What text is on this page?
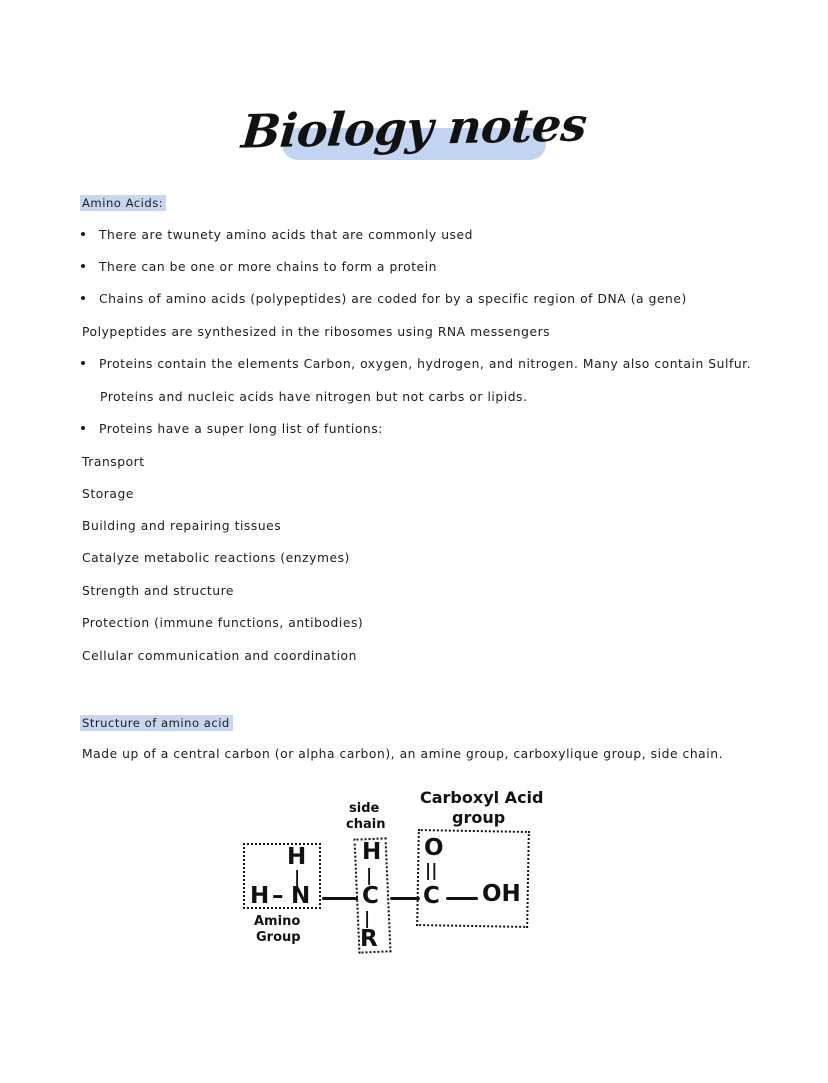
Biology notes
Amino Acids:
There are twunety amino acids that are commonly used
There can be one or more chains to form a protein
Chains of amino acids (polypeptides) are coded for by a specific region of DNA (a gene)
Polypeptides are synthesized in the ribosomes using RNA messengers
Proteins contain the elements Carbon, oxygen, hydrogen, and nitrogen. Many also contain Sulfur.
Proteins and nucleic acids have nitrogen but not carbs or lipids.
Proteins have a super long list of funtions:
Transport
Storage
Building and repairing tissues
Catalyze metabolic reactions (enzymes)
Strength and structure
Protection (immune functions, antibodies)
Cellular communication and coordination
Structure of amino acid
Made up of a central carbon (or alpha carbon), an amine group, carboxylique group, side chain.
H
|
H – N
Amino
Group
side
chain
H
|
C
|
R
Carboxyl Acid
group
O
||
C OH
